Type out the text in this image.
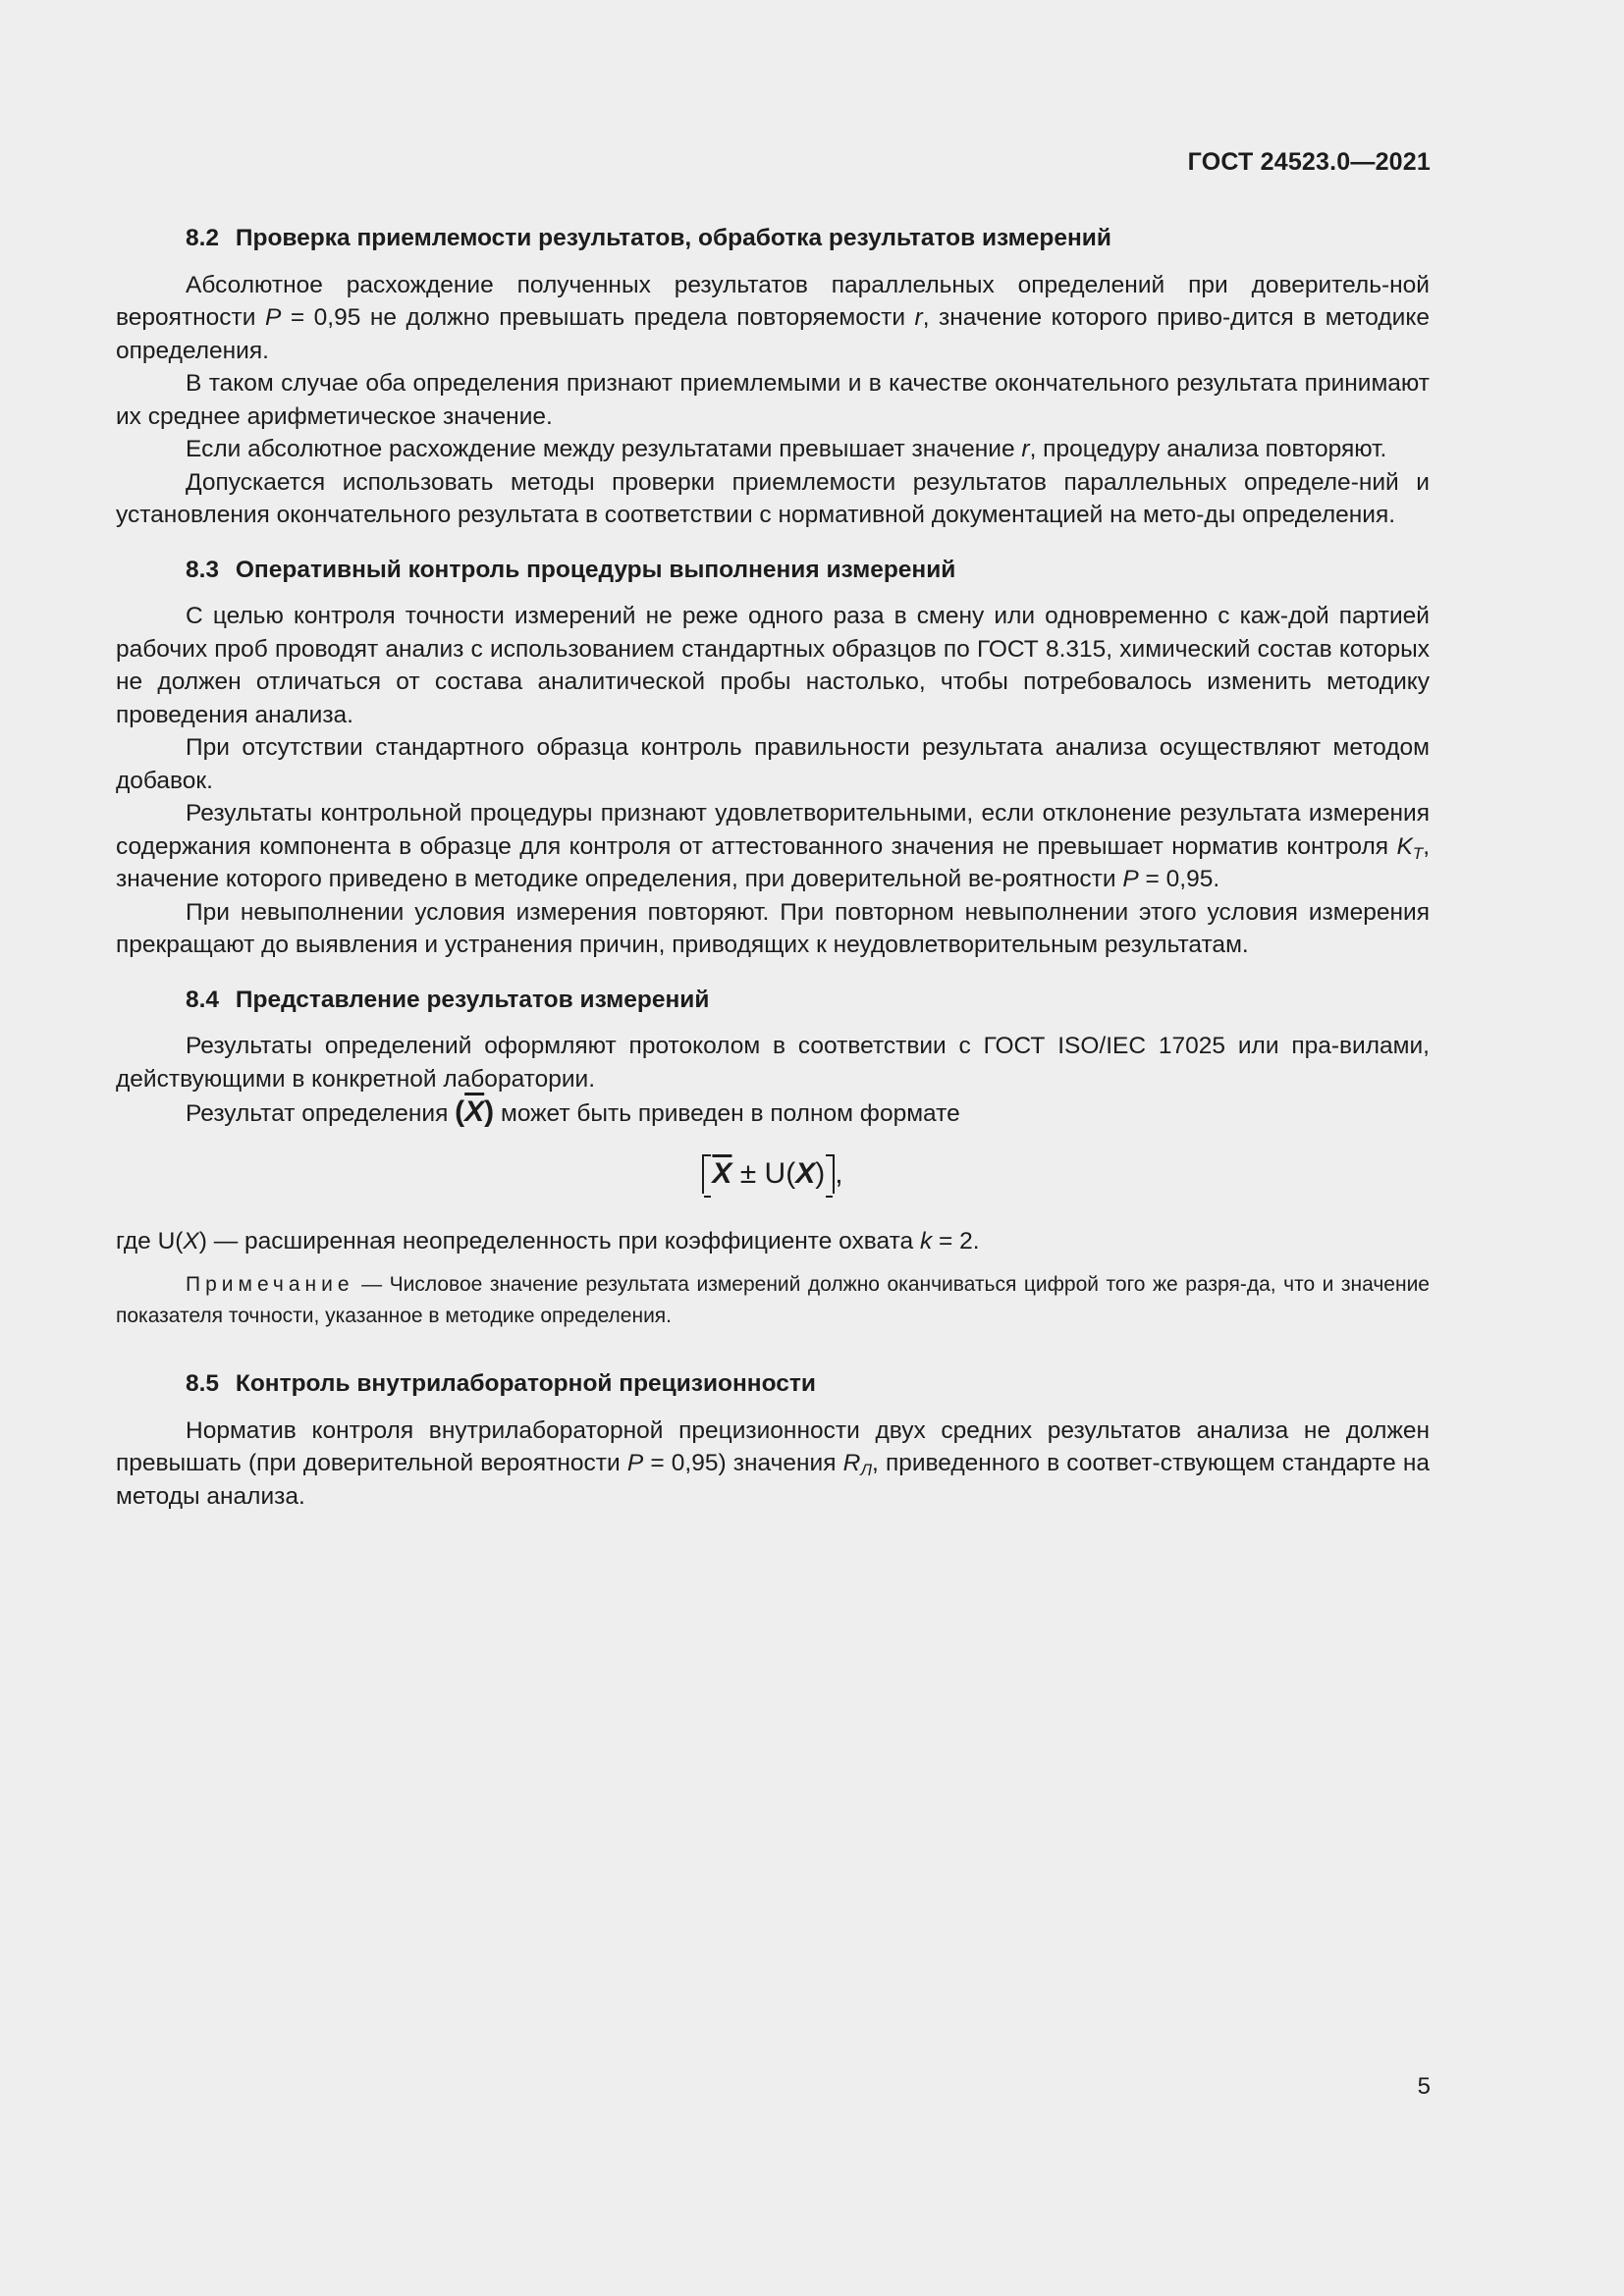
ГОСТ 24523.0—2021
8.2 Проверка приемлемости результатов, обработка результатов измерений

Абсолютное расхождение полученных результатов параллельных определений при доверитель-ной вероятности P = 0,95 не должно превышать предела повторяемости r, значение которого приво-дится в методике определения.

В таком случае оба определения признают приемлемыми и в качестве окончательного результата принимают их среднее арифметическое значение.

Если абсолютное расхождение между результатами превышает значение r, процедуру анализа повторяют.

Допускается использовать методы проверки приемлемости результатов параллельных определе-ний и установления окончательного результата в соответствии с нормативной документацией на мето-ды определения.

8.3 Оперативный контроль процедуры выполнения измерений

С целью контроля точности измерений не реже одного раза в смену или одновременно с каж-дой партией рабочих проб проводят анализ с использованием стандартных образцов по ГОСТ 8.315, химический состав которых не должен отличаться от состава аналитической пробы настолько, чтобы потребовалось изменить методику проведения анализа.

При отсутствии стандартного образца контроль правильности результата анализа осуществляют методом добавок.

Результаты контрольной процедуры признают удовлетворительными, если отклонение результата измерения содержания компонента в образце для контроля от аттестованного значения не превышает норматив контроля $K_T$, значение которого приведено в методике определения, при доверительной ве-роятности P = 0,95.

При невыполнении условия измерения повторяют. При повторном невыполнении этого условия измерения прекращают до выявления и устранения причин, приводящих к неудовлетворительным результатам.

8.4 Представление результатов измерений

Результаты определений оформляют протоколом в соответствии с ГОСТ ISO/IEC 17025 или пра-вилами, действующими в конкретной лаборатории.

Результат определения $(\overline{X})$ может быть приведен в полном формате

$\overline{X} \pm U(X)$ ,

где U(X) — расширенная неопределенность при коэффициенте охвата k = 2.

Примечание — Числовое значение результата измерений должно оканчиваться цифрой того же разря-да, что и значение показателя точности, указанное в методике определения.

8.5 Контроль внутрилабораторной прецизионности

Норматив контроля внутрилабораторной прецизионности двух средних результатов анализа не должен превышать (при доверительной вероятности P = 0,95) значения $R_Л$, приведенного в соответ-ствующем стандарте на методы анализа.

5
